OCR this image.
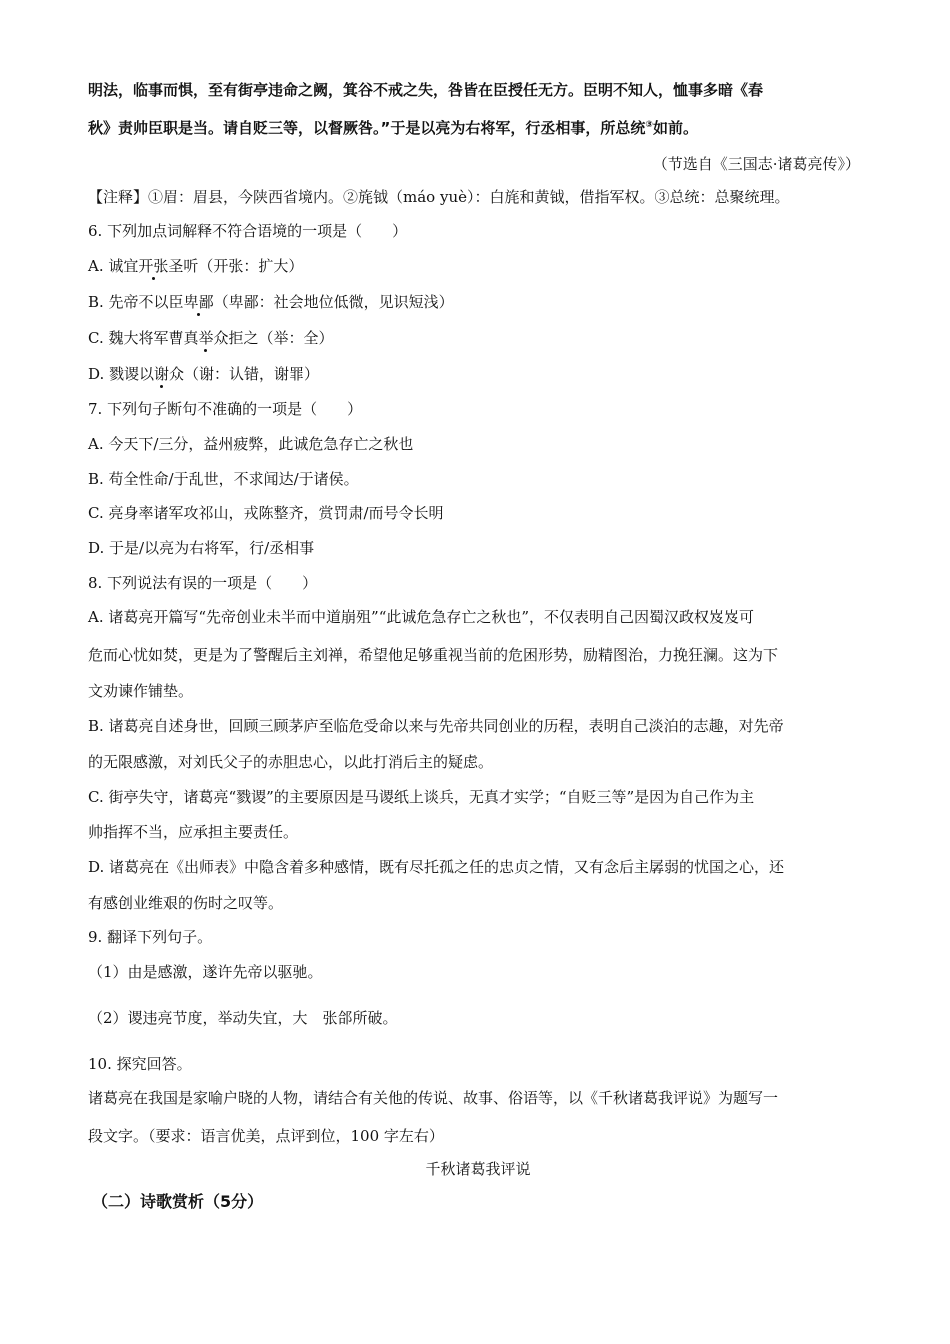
明法，临事而惧，至有街亭违命之阙，箕谷不戒之失，咎皆在臣授任无方。臣明不知人，恤事多暗《春
秋》责帅臣职是当。请自贬三等，以督厥咎。”于是以亮为右将军，行丞相事，所总统③如前。
（节选自《三国志·诸葛亮传》）
【注释】①眉：眉县，今陕西省境内。②旄钺（máo yuè）：白旄和黄钺，借指军权。③总统：总聚统理。
6. 下列加点词解释不符合语境的一项是（　　）
A. 诚宜开张圣听（开张：扩大）
B. 先帝不以臣卑鄙（卑鄙：社会地位低微，见识短浅）
C. 魏大将军曹真举众拒之（举：全）
D. 戮谡以谢众（谢：认错，谢罪）
7. 下列句子断句不准确的一项是（　　）
A. 今天下/三分，益州疲弊，此诚危急存亡之秋也
B. 苟全性命/于乱世，不求闻达/于诸侯。
C. 亮身率诸军攻祁山，戎陈整齐，赏罚肃/而号令长明
D. 于是/以亮为右将军，行/丞相事
8. 下列说法有误的一项是（　　）
A. 诸葛亮开篇写“先帝创业未半而中道崩殂”“此诚危急存亡之秋也”，不仅表明自己因蜀汉政权岌岌可
危而心忧如焚，更是为了警醒后主刘禅，希望他足够重视当前的危困形势，励精图治，力挽狂澜。这为下
文劝谏作铺垫。
B. 诸葛亮自述身世，回顾三顾茅庐至临危受命以来与先帝共同创业的历程，表明自己淡泊的志趣，对先帝
的无限感激，对刘氏父子的赤胆忠心，以此打消后主的疑虑。
C. 街亭失守，诸葛亮“戮谡”的主要原因是马谡纸上谈兵，无真才实学；“自贬三等”是因为自己作为主
帅指挥不当，应承担主要责任。
D. 诸葛亮在《出师表》中隐含着多种感情，既有尽托孤之任的忠贞之情，又有念后主孱弱的忧国之心，还
有感创业维艰的伤时之叹等。
9. 翻译下列句子。
（1）由是感激，遂许先帝以驱驰。
（2）谡违亮节度，举动失宜，大　张郃所破。
10. 探究回答。
诸葛亮在我国是家喻户晓的人物，请结合有关他的传说、故事、俗语等，以《千秋诸葛我评说》为题写一
段文字。（要求：语言优美，点评到位，100 字左右）
千秋诸葛我评说
（二）诗歌赏析（5分）
